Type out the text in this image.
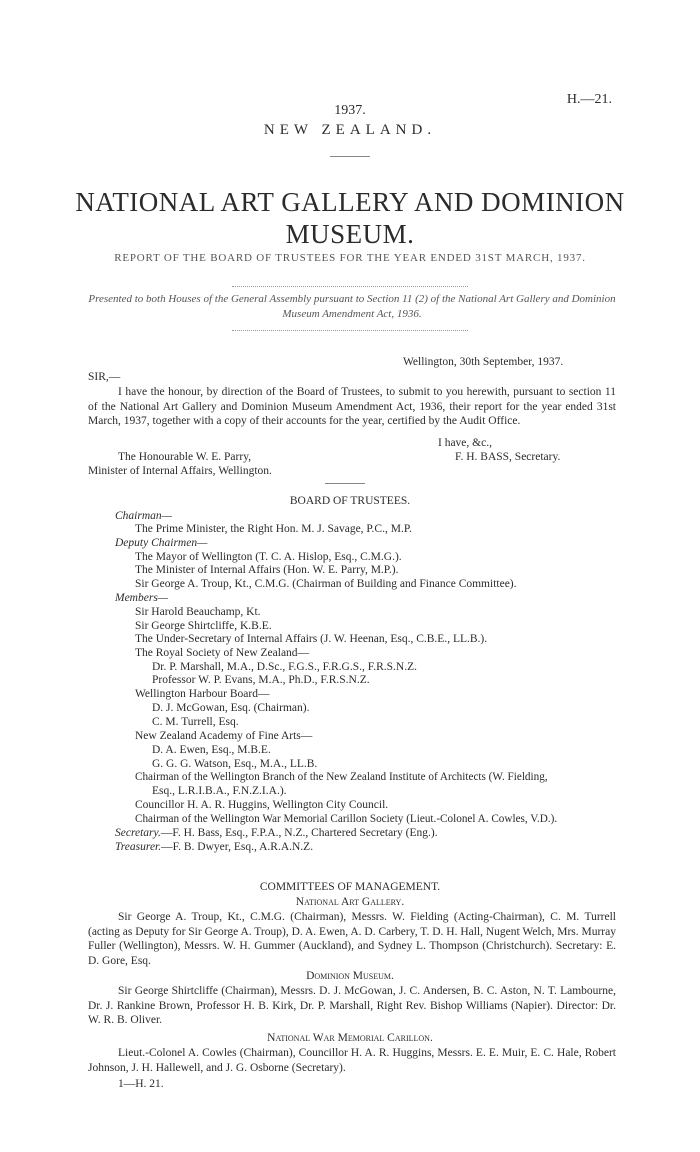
H.—21.
1937.
NEW ZEALAND.
NATIONAL ART GALLERY AND DOMINION
MUSEUM.
REPORT OF THE BOARD OF TRUSTEES FOR THE YEAR ENDED 31ST MARCH, 1937.
Presented to both Houses of the General Assembly pursuant to Section 11 (2) of the National Art Gallery and Dominion Museum Amendment Act, 1936.
Wellington, 30th September, 1937.
SIR,—
I have the honour, by direction of the Board of Trustees, to submit to you herewith, pursuant to section 11 of the National Art Gallery and Dominion Museum Amendment Act, 1936, their report for the year ended 31st March, 1937, together with a copy of their accounts for the year, certified by the Audit Office.
I have, &c.,
The Honourable W. E. Parry,	F. H. BASS, Secretary.
Minister of Internal Affairs, Wellington.
BOARD OF TRUSTEES.
Chairman—
The Prime Minister, the Right Hon. M. J. Savage, P.C., M.P.
Deputy Chairmen—
The Mayor of Wellington (T. C. A. Hislop, Esq., C.M.G.).
The Minister of Internal Affairs (Hon. W. E. Parry, M.P.).
Sir George A. Troup, Kt., C.M.G. (Chairman of Building and Finance Committee).
Members—
Sir Harold Beauchamp, Kt.
Sir George Shirtcliffe, K.B.E.
The Under-Secretary of Internal Affairs (J. W. Heenan, Esq., C.B.E., LL.B.).
The Royal Society of New Zealand—
Dr. P. Marshall, M.A., D.Sc., F.G.S., F.R.G.S., F.R.S.N.Z.
Professor W. P. Evans, M.A., Ph.D., F.R.S.N.Z.
Wellington Harbour Board—
D. J. McGowan, Esq. (Chairman).
C. M. Turrell, Esq.
New Zealand Academy of Fine Arts—
D. A. Ewen, Esq., M.B.E.
G. G. G. Watson, Esq., M.A., LL.B.
Chairman of the Wellington Branch of the New Zealand Institute of Architects (W. Fielding,
Esq., L.R.I.B.A., F.N.Z.I.A.).
Councillor H. A. R. Huggins, Wellington City Council.
Chairman of the Wellington War Memorial Carillon Society (Lieut.-Colonel A. Cowles, V.D.).
Secretary.—F. H. Bass, Esq., F.P.A., N.Z., Chartered Secretary (Eng.).
Treasurer.—F. B. Dwyer, Esq., A.R.A.N.Z.
COMMITTEES OF MANAGEMENT.
National Art Gallery.
Sir George A. Troup, Kt., C.M.G. (Chairman), Messrs. W. Fielding (Acting-Chairman), C. M. Turrell (acting as Deputy for Sir George A. Troup), D. A. Ewen, A. D. Carbery, T. D. H. Hall, Nugent Welch, Mrs. Murray Fuller (Wellington), Messrs. W. H. Gummer (Auckland), and Sydney L. Thompson (Christchurch). Secretary: E. D. Gore, Esq.
Dominion Museum.
Sir George Shirtcliffe (Chairman), Messrs. D. J. McGowan, J. C. Andersen, B. C. Aston, N. T. Lambourne, Dr. J. Rankine Brown, Professor H. B. Kirk, Dr. P. Marshall, Right Rev. Bishop Williams (Napier). Director: Dr. W. R. B. Oliver.
National War Memorial Carillon.
Lieut.-Colonel A. Cowles (Chairman), Councillor H. A. R. Huggins, Messrs. E. E. Muir, E. C. Hale, Robert Johnson, J. H. Hallewell, and J. G. Osborne (Secretary).
1—H. 21.
